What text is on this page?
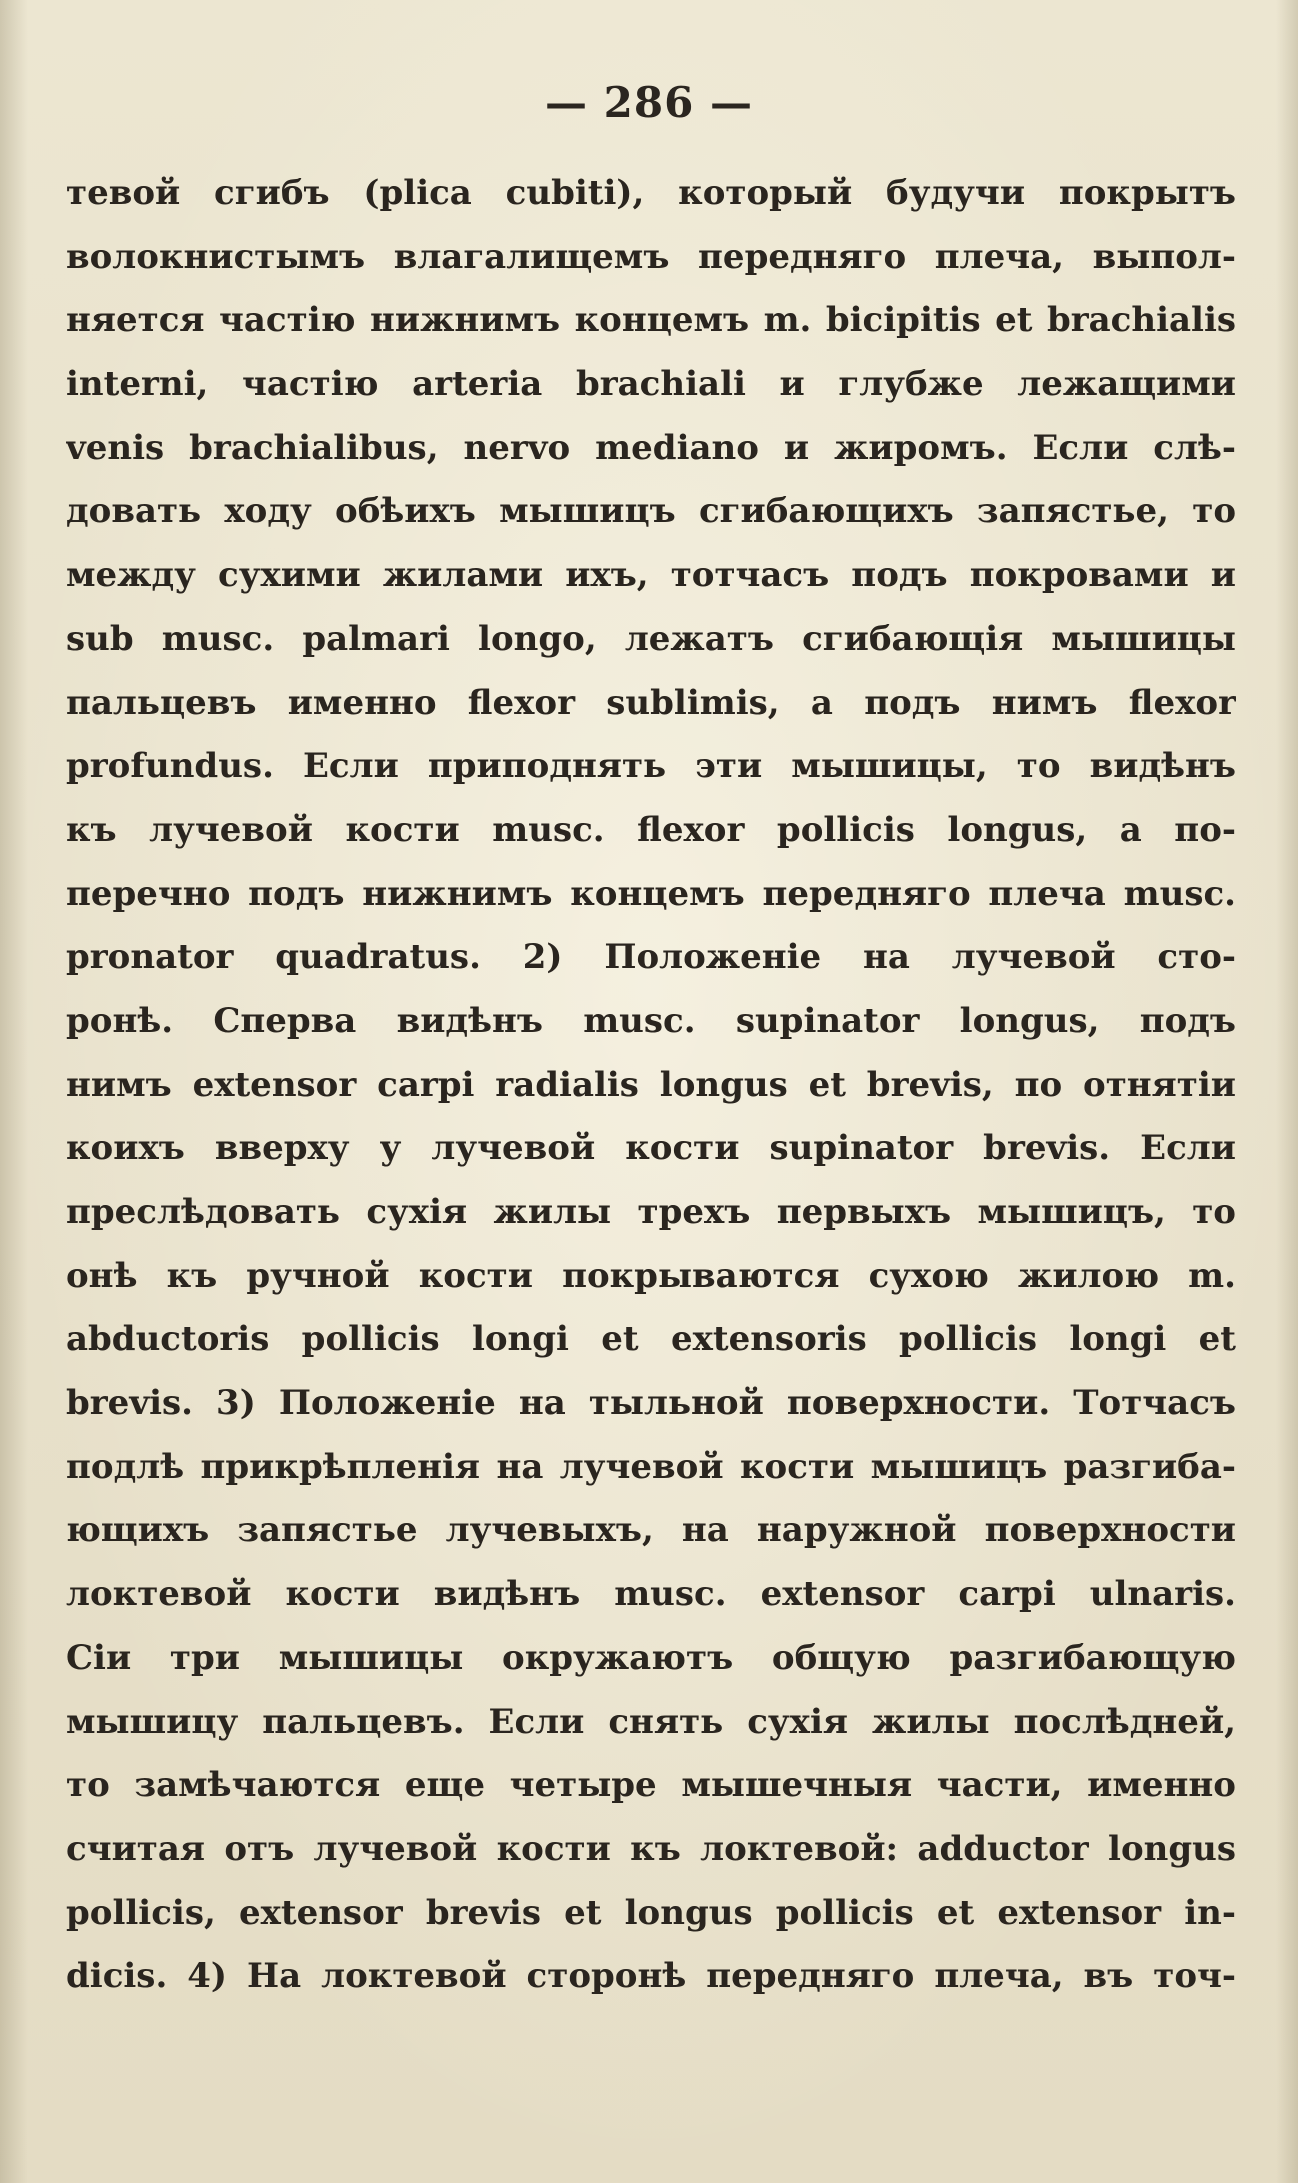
— 286 —
тевой сгибъ (plica cubiti), который будучи покрытъ
волокнистымъ влагалищемъ передняго плеча, выпол-
няется частію нижнимъ концемъ m. bicipitis et brachialis
interni, частію arteria brachiali и глубже лежащими
venis brachialibus, nervo mediano и жиромъ. Если слѣ-
довать ходу обѣихъ мышицъ сгибающихъ запястье, то
между сухими жилами ихъ, тотчасъ подъ покровами и
sub musc. palmari longo, лежатъ сгибающія мышицы
пальцевъ именно flexor sublimis, а подъ нимъ flexor
profundus. Если приподнять эти мышицы, то видѣнъ
къ лучевой кости musc. flexor pollicis longus, а по-
перечно подъ нижнимъ концемъ передняго плеча musc.
pronator quadratus. 2) Положеніе на лучевой сто-
ронѣ. Сперва видѣнъ musc. supinator longus, подъ
нимъ extensor carpi radialis longus et brevis, по отнятіи
коихъ вверху у лучевой кости supinator brevis. Если
преслѣдовать сухія жилы трехъ первыхъ мышицъ, то
онѣ къ ручной кости покрываются сухою жилою m.
abductoris pollicis longi et extensoris pollicis longi et
brevis. 3) Положеніе на тыльной поверхности. Тотчасъ
подлѣ прикрѣпленія на лучевой кости мышицъ разгиба-
ющихъ запястье лучевыхъ, на наружной поверхности
локтевой кости видѣнъ musc. extensor carpi ulnaris.
Сіи три мышицы окружаютъ общую разгибающую
мышицу пальцевъ. Если снять сухія жилы послѣдней,
то замѣчаются еще четыре мышечныя части, именно
считая отъ лучевой кости къ локтевой: adductor longus
pollicis, extensor brevis et longus pollicis et extensor in-
dicis. 4) На локтевой сторонѣ передняго плеча, въ точ-
